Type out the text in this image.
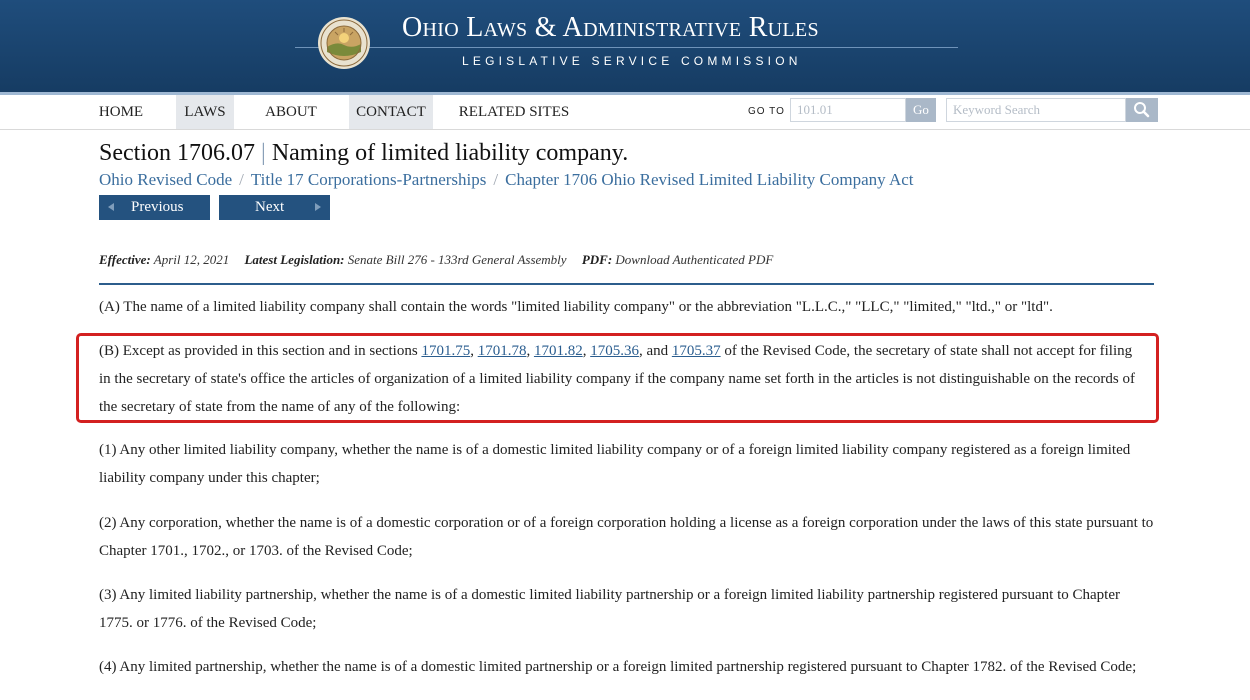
Ohio Laws & Administrative Rules
LEGISLATIVE SERVICE COMMISSION
HOME	LAWS	ABOUT	CONTACT	RELATED SITES	GO TO
101.01	Go
Keyword Search
Section 1706.07 | Naming of limited liability company.
Ohio Revised Code / Title 17 Corporations-Partnerships / Chapter 1706 Ohio Revised Limited Liability Company Act
Previous	Next
Effective: April 12, 2021 Latest Legislation: Senate Bill 276 - 133rd General Assembly PDF: Download Authenticated PDF
(A) The name of a limited liability company shall contain the words "limited liability company" or the abbreviation "L.L.C.," "LLC," "limited," "ltd.," or "ltd".
(B) Except as provided in this section and in sections 1701.75, 1701.78, 1701.82, 1705.36, and 1705.37 of the Revised Code, the secretary of state shall not accept for filing in the secretary of state's office the articles of organization of a limited liability company if the company name set forth in the articles is not distinguishable on the records of the secretary of state from the name of any of the following:
(1) Any other limited liability company, whether the name is of a domestic limited liability company or of a foreign limited liability company registered as a foreign limited liability company under this chapter;
(2) Any corporation, whether the name is of a domestic corporation or of a foreign corporation holding a license as a foreign corporation under the laws of this state pursuant to Chapter 1701., 1702., or 1703. of the Revised Code;
(3) Any limited liability partnership, whether the name is of a domestic limited liability partnership or a foreign limited liability partnership registered pursuant to Chapter 1775. or 1776. of the Revised Code;
(4) Any limited partnership, whether the name is of a domestic limited partnership or a foreign limited partnership registered pursuant to Chapter 1782. of the Revised Code;
